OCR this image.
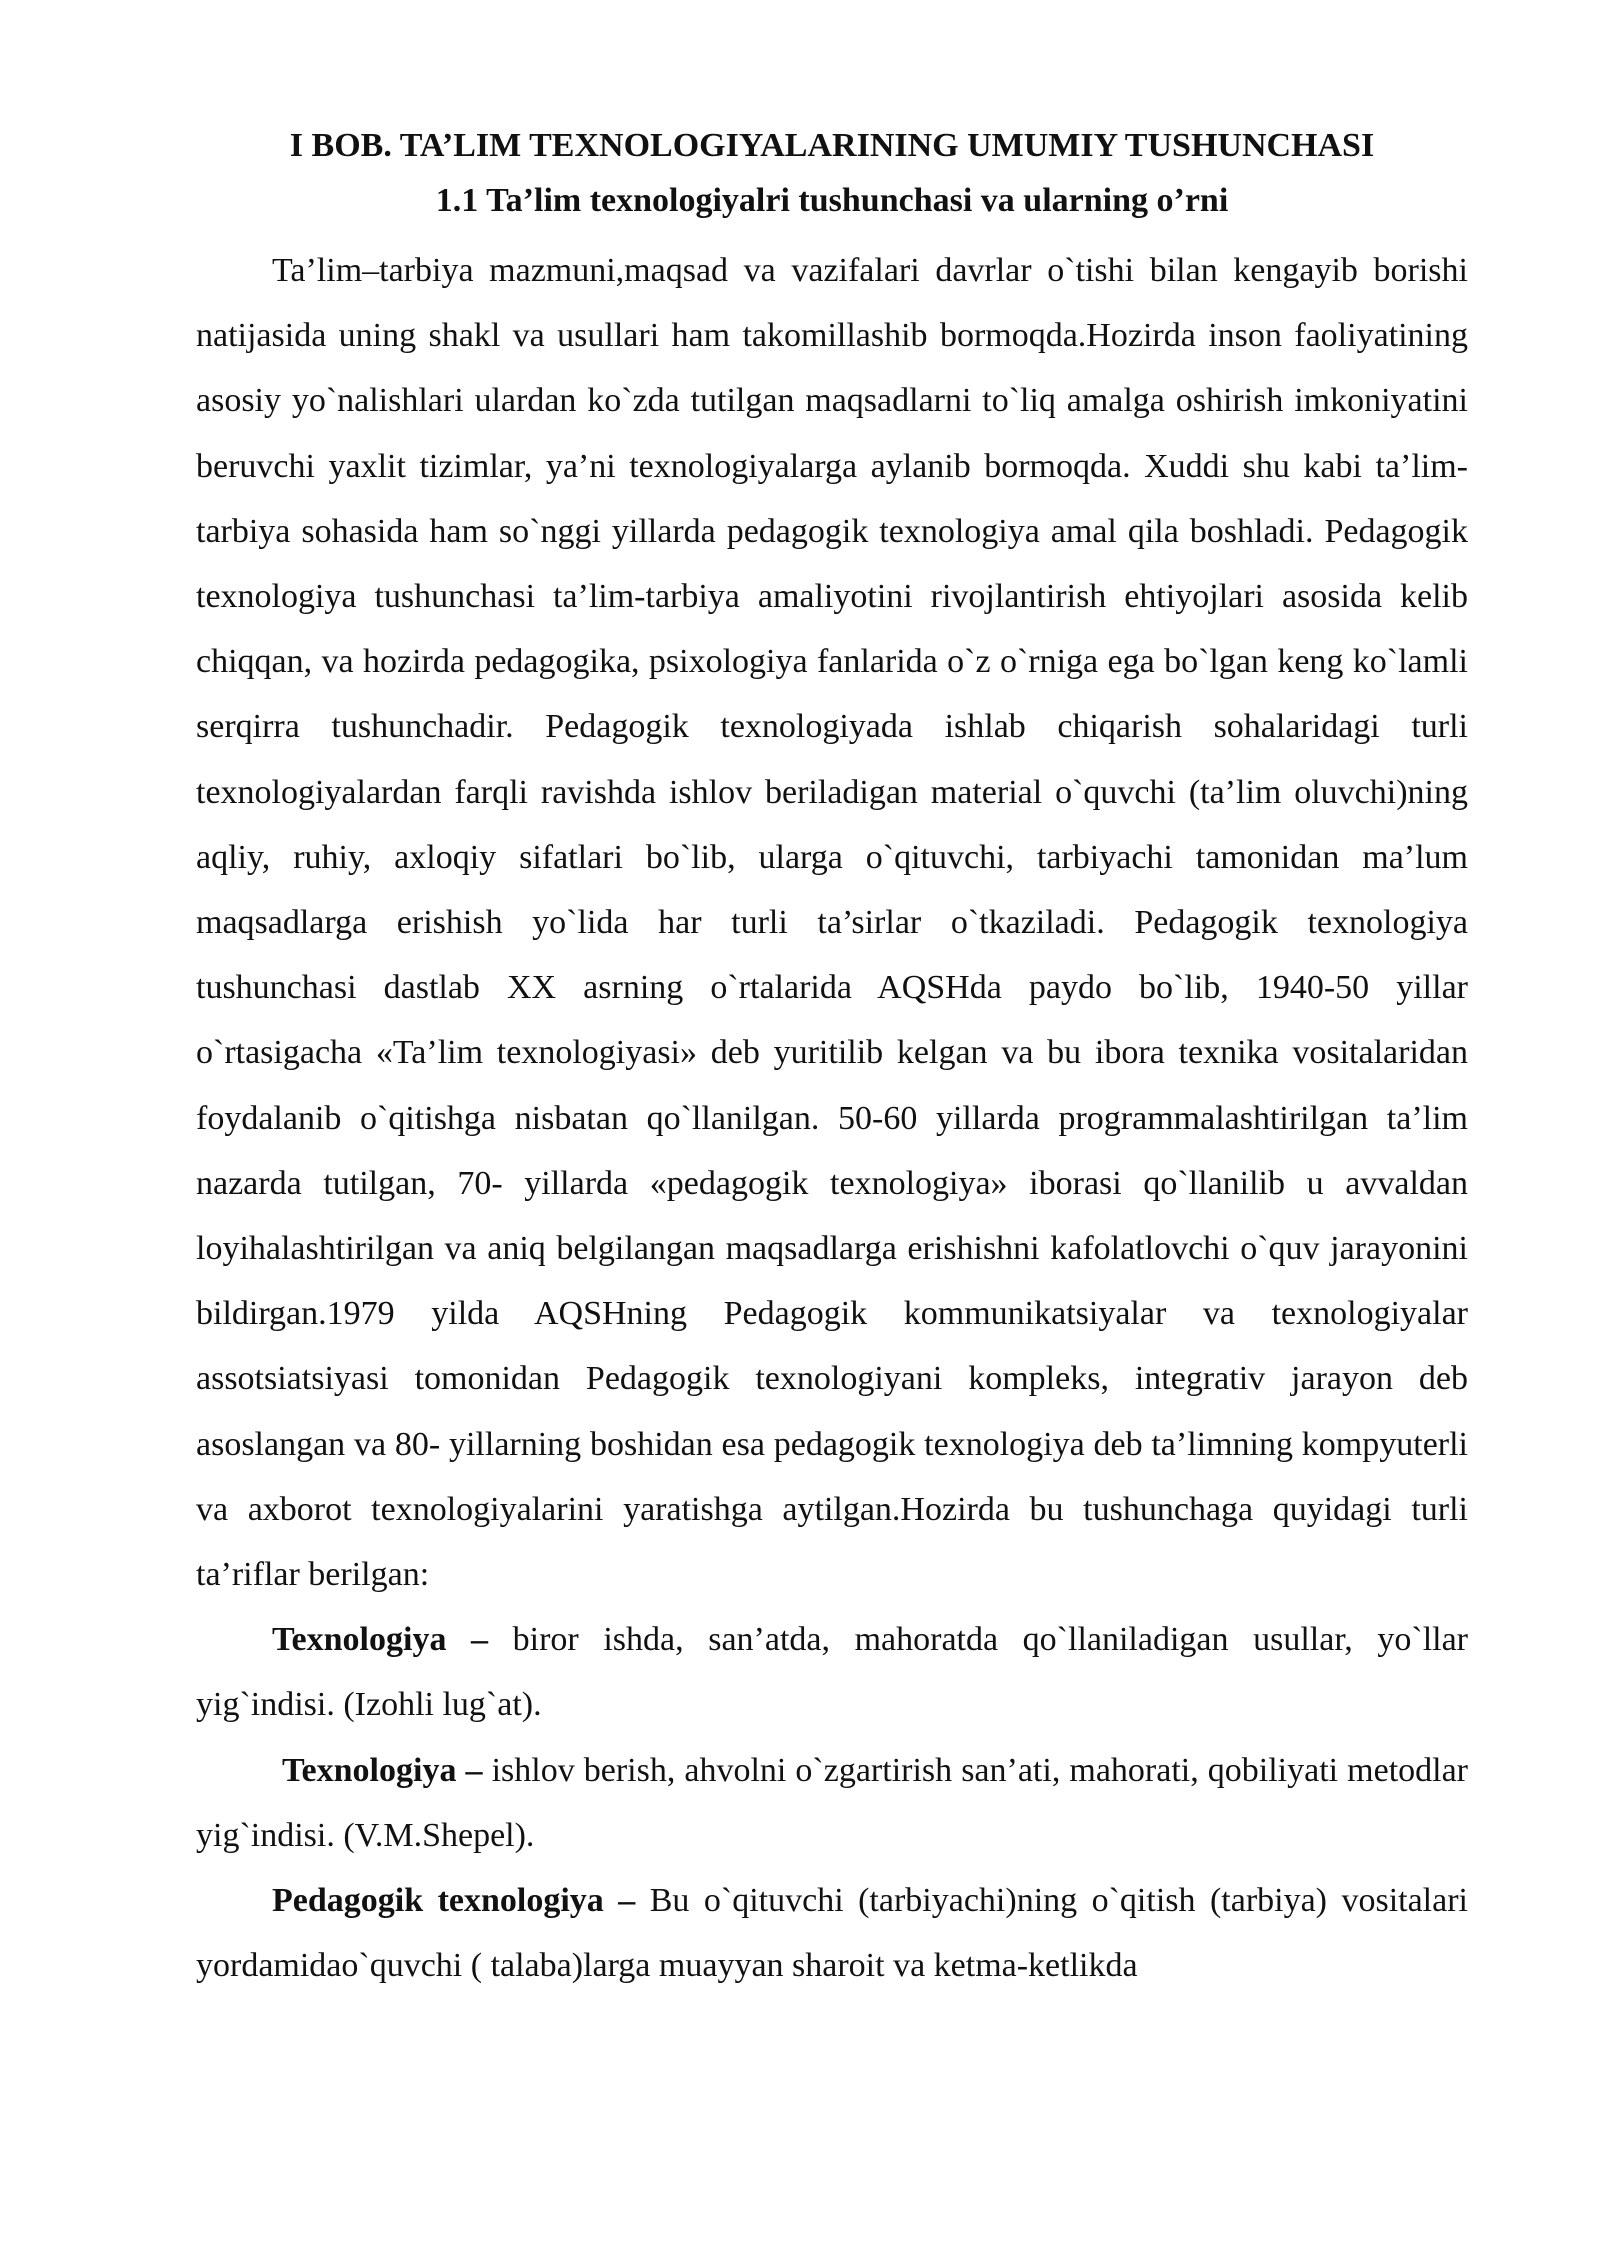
I BOB. TA’LIM TEXNOLOGIYALARINING UMUMIY TUSHUNCHASI
1.1 Ta’lim texnologiyalri tushunchasi va ularning o’rni

Ta’lim–tarbiya mazmuni,maqsad va vazifalari davrlar o`tishi bilan kengayib borishi natijasida uning shakl va usullari ham takomillashib bormoqda.Hozirda inson faoliyatining asosiy yo`nalishlari ulardan ko`zda tutilgan maqsadlarni to`liq amalga oshirish imkoniyatini beruvchi yaxlit tizimlar, ya’ni texnologiyalarga aylanib bormoqda. Xuddi shu kabi ta’lim-tarbiya sohasida ham so`nggi yillarda pedagogik texnologiya amal qila boshladi. Pedagogik texnologiya tushunchasi ta’lim-tarbiya amaliyotini rivojlantirish ehtiyojlari asosida kelib chiqqan, va hozirda pedagogika, psixologiya fanlarida o`z o`rniga ega bo`lgan keng ko`lamli serqirra tushunchadir. Pedagogik texnologiyada ishlab chiqarish sohalaridagi turli texnologiyalardan farqli ravishda ishlov beriladigan material o`quvchi (ta’lim oluvchi)ning aqliy, ruhiy, axloqiy sifatlari bo`lib, ularga o`qituvchi, tarbiyachi tamonidan ma’lum maqsadlarga erishish yo`lida har turli ta’sirlar o`tkaziladi. Pedagogik texnologiya tushunchasi dastlab XX asrning o`rtalarida AQSHda paydo bo`lib, 1940-50 yillar o`rtasigacha «Ta’lim texnologiyasi» deb yuritilib kelgan va bu ibora texnika vositalaridan foydalanib o`qitishga nisbatan qo`llanilgan. 50-60 yillarda programmalashtirilgan ta’lim nazarda tutilgan, 70- yillarda «pedagogik texnologiya» iborasi qo`llanilib u avvaldan loyihalashtirilgan va aniq belgilangan maqsadlarga erishishni kafolatlovchi o`quv jarayonini bildirgan.1979 yilda AQSHning Pedagogik kommunikatsiyalar va texnologiyalar assotsiatsiyasi tomonidan Pedagogik texnologiyani kompleks, integrativ jarayon deb asoslangan va 80- yillarning boshidan esa pedagogik texnologiya deb ta’limning kompyuterli va axborot texnologiyalarini yaratishga aytilgan.Hozirda bu tushunchaga quyidagi turli ta’riflar berilgan:

Texnologiya – biror ishda, san’atda, mahoratda qo`llaniladigan usullar, yo`llar yig`indisi. (Izohli lug`at).

Texnologiya – ishlov berish, ahvolni o`zgartirish san’ati, mahorati, qobiliyati metodlar yig`indisi. (V.M.Shepel).

Pedagogik texnologiya – Bu o`qituvchi (tarbiyachi)ning o`qitish (tarbiya) vositalari yordamidao`quvchi ( talaba)larga muayyan sharoit va ketma-ketlikda
